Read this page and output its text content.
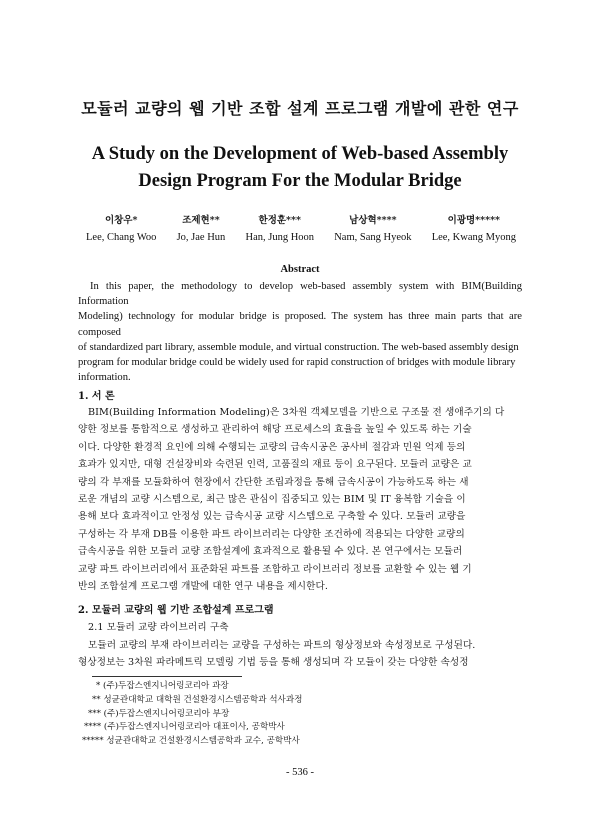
모듈러 교량의 웹 기반 조합 설계 프로그램 개발에 관한 연구
A Study on the Development of Web-based Assembly
Design Program For the Modular Bridge
이창우*
Lee, Chang Woo
조제현**
Jo, Jae Hun
한정훈***
Han, Jung Hoon
남상혁****
Nam, Sang Hyeok
이광명*****
Lee, Kwang Myong
Abstract
In this paper, the methodology to develop web-based assembly system with BIM(Building Information
Modeling) technology for modular bridge is proposed. The system has three main parts that are composed
of standardized part library, assemble module, and virtual construction. The web-based assembly design
program for modular bridge could be widely used for rapid construction of bridges with module library
information.
1. 서 론
BIM(Building Information Modeling)은 3차원 객체모델을 기반으로 구조물 전 생애주기의 다
양한 정보를 통합적으로 생성하고 관리하여 해당 프로세스의 효율을 높일 수 있도록 하는 기술
이다. 다양한 환경적 요인에 의해 수행되는 교량의 급속시공은 공사비 절감과 민원 억제 등의
효과가 있지만, 대형 건설장비와 숙련된 인력, 고품질의 재료 등이 요구된다. 모듈러 교량은 교
량의 각 부재를 모듈화하여 현장에서 간단한 조립과정을 통해 급속시공이 가능하도록 하는 새
로운 개념의 교량 시스템으로, 최근 많은 관심이 집중되고 있는 BIM 및 IT 융복합 기술을 이
용해 보다 효과적이고 안정성 있는 급속시공 교량 시스템으로 구축할 수 있다. 모듈러 교량을
구성하는 각 부재 DB를 이용한 파트 라이브러리는 다양한 조건하에 적용되는 다양한 교량의
급속시공을 위한 모듈러 교량 조합설계에 효과적으로 활용될 수 있다. 본 연구에서는 모듈러
교량 파트 라이브러리에서 표준화된 파트를 조합하고 라이브러리 정보를 교환할 수 있는 웹 기
반의 조합설계 프로그램 개발에 대한 연구 내용을 제시한다.
2. 모듈러 교량의 웹 기반 조합설계 프로그램
2.1 모듈러 교량 라이브러리 구축
모듈러 교량의 부재 라이브러리는 교량을 구성하는 파트의 형상정보와 속성정보로 구성된다.
형상정보는 3차원 파라메트릭 모델링 기법 등을 통해 생성되며 각 모듈이 갖는 다양한 속성정
* (주)두잡스엔지니어링코리아 과장
** 성균관대학교 대학원 건설환경시스템공학과 석사과정
*** (주)두잡스엔지니어링코리아 부장
**** (주)두잡스엔지니어링코리아 대표이사, 공학박사
***** 성균관대학교 건설환경시스템공학과 교수, 공학박사
- 536 -
